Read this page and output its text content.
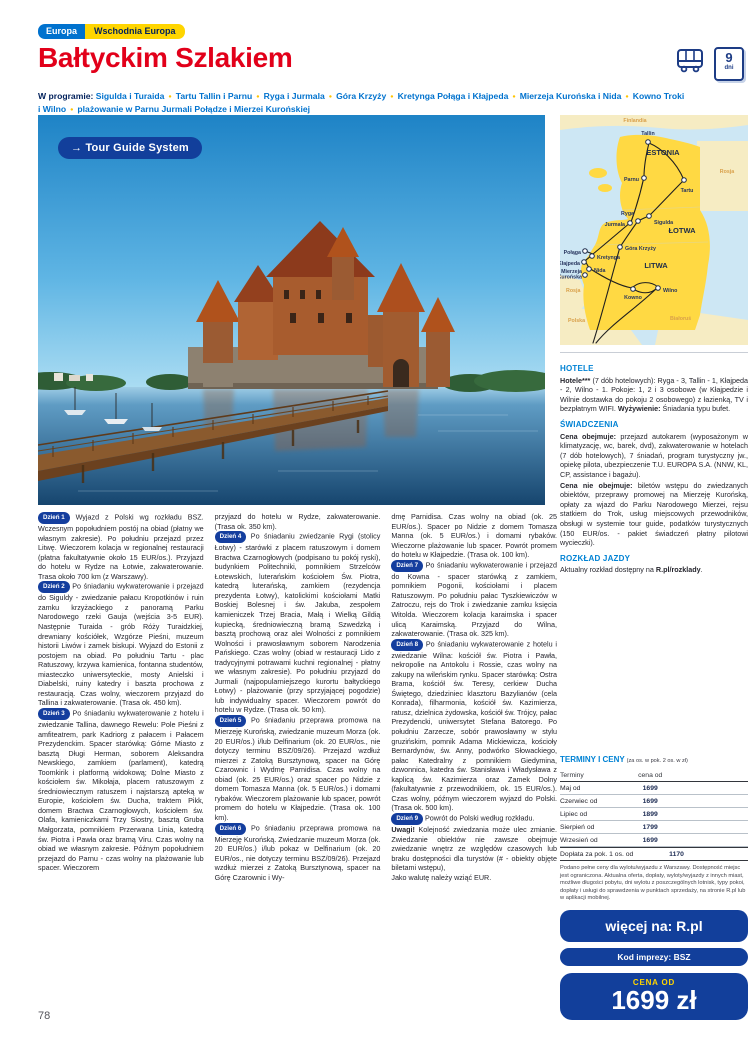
Europa	Wschodnia Europa
Bałtyckim Szlakiem	9
dni
W programie: Sigulda i Turaida ● Tartu Tallin i Parnu ● Ryga i Jurmala ● Góra Krzyży ● Kretynga Połąga i Kłajpeda ● Mierzeja Kurońska i Nida ● Kowno Troki i Wilno ● plażowanie w Parnu Jurmali Połądze i Mierzei Kurońskiej
→ Tour Guide System	ESTONIA
ŁOTWA
LITWA
Finlandia
Rosja
Rosja
Polska	Białoruś
Tallin
Parnu
Tartu
Ryga
Jurmala	Sigulda
Góra Krzyży
Połąga
Kretynga
Kłajpeda
Nida
Mierzeja Kurońska
Kowno
Wilno
HOTELE

Hotele*** (7 dób hotelowych): Ryga - 3, Tallin - 1, Kłajpeda - 2, Wilno - 1. Pokoje: 1, 2 i 3 osobowe (w Kłajpedzie i Wilnie dostawka do pokoju 2 osobowego) z łazienką, TV i bezpłatnym WIFI. Wyżywienie: Śniadania typu bufet.

ŚWIADCZENIA

Cena obejmuje: przejazd autokarem (wyposażonym w klimatyzację, wc, barek, dvd), zakwaterowanie w hotelach (7 dób hotelowych), 7 śniadań, program turystyczny jw., opiekę pilota, ubezpieczenie T.U. EUROPA S.A. (NNW, KL, CP, assistance i bagażu).

Cena nie obejmuje: biletów wstępu do zwiedzanych obiektów, przeprawy promowej na Mierzeję Kurońską, opłaty za wjazd do Parku Narodowego Mierzei, rejsu statkiem do Trok, usług miejscowych przewodników, obsługi w systemie tour guide, podatków turystycznych (150 EUR/os. - pakiet świadczeń płatny pilotowi wycieczki).

ROZKŁAD JAZDY

Aktualny rozkład dostępny na R.pl/rozklady.

TERMINY I CENY (za os. w pok. 2 os. w zł)
Terminy	cena od
Maj od	1699
Czerwiec od	1699
Lipiec od	1899
Sierpień od	1799
Wrzesień od	1699
Dopłata za pok. 1 os. od	1170
Podano pełne ceny dla wylotu/wyjazdu z Warszawy. Dostępność miejsc jest ograniczona. Aktualna oferta, dopłaty, wyloty/wyjazdy z innych miast, możliwe długości pobytu, dni wylotu z poszczególnych lotnisk, typy pokoi, dopłaty i usługi do sprawdzenia w punktach sprzedaży, na stronie R.pl lub w aplikacji mobilnej.
więcej na: R.pl
Kod imprezy: BSZ
CENA OD
1699 zł

Dzień 1 Wyjazd z Polski wg rozkładu BSZ. Wczesnym popołudniem postój na obiad (płatny we własnym zakresie). Po południu przejazd przez Litwę. Wieczorem kolacja w regionalnej restauracji (płatna fakultatywnie około 15 EUR/os.). Przyjazd do hotelu w Rydze na Łotwie, zakwaterowanie. Trasa około 700 km (z Warszawy).

Dzień 2 Po śniadaniu wykwaterowanie i przejazd do Siguldy - zwiedzanie pałacu Kropotkinów i ruin zamku krzyżackiego z panoramą Parku Narodowego rzeki Gauja (wejścia 3-5 EUR). Następnie Turaida - grób Róży Turaidzkiej, drewniany kościółek, Wzgórze Pieśni, muzeum historii Liwów i zamek biskupi. Wyjazd do Estonii z postojem na obiad. Po południu Tartu - plac Ratuszowy, krzywa kamienica, fontanna studentów, miasteczko uniwersyteckie, mosty Anielski i Diabelski, ruiny katedry i baszta prochowa z restauracją. Czas wolny, wieczorem przyjazd do Tallina i zakwaterowanie. (Trasa ok. 450 km).

Dzień 3 Po śniadaniu wykwaterowanie z hotelu i zwiedzanie Tallina, dawnego Rewelu: Pole Pieśni z amfiteatrem, park Kadriorg z pałacem i Pałacem Prezydenckim. Spacer starówką: Górne Miasto z basztą Długi Herman, soborem Aleksandra Newskiego, zamkiem (parlament), katedrą Toomkirik i platformą widokową; Dolne Miasto z kościołem św. Mikołaja, placem ratuszowym z średniowiecznym ratuszem i najstarszą apteką w Europie, kościołem św. Ducha, traktem Pikk, domem Bractwa Czarnogłowych, kościołem św. Olafa, kamieniczkami Trzy Siostry, basztą Gruba Małgorzata, pomnikiem Przerwana Linia, katedrą św. Piotra i Pawła oraz bramą Viru. Czas wolny na obiad we własnym zakresie. Późnym popołudniem przejazd do Parnu - czas wolny na plażowanie lub spacer. Wieczorem

przyjazd do hotelu w Rydze, zakwaterowanie. (Trasa ok. 350 km).

Dzień 4 Po śniadaniu zwiedzanie Rygi (stolicy Łotwy) - starówki z placem ratuszowym i domem Bractwa Czarnogłowych (podpisano tu pokój ryski), budynkiem Politechniki, pomnikiem Strzelców Łotewskich, luterańskim kościołem Św. Piotra, katedrą luterańską, zamkiem (rezydencja prezydenta Łotwy), katolickimi kościołami Matki Boskiej Bolesnej i św. Jakuba, zespołem kamieniczek Trzej Bracia, Małą i Wielką Gildią kupiecką, średniowieczną bramą Szwedzką i basztą prochową oraz alei Wolności z pomnikiem Wolności i prawosławnym soborem Narodzenia Pańskiego. Czas wolny (obiad w restauracji Lido z tradycyjnymi potrawami kuchni regionalnej - płatny we własnym zakresie). Po południu przyjazd do Jurmali (najpopularniejszego kurortu bałtyckiego Łotwy) - plażowanie (przy sprzyjającej pogodzie) lub indywidualny spacer. Wieczorem powrót do hotelu w Rydze. (Trasa ok. 50 km).

Dzień 5 Po śniadaniu przeprawa promowa na Mierzeję Kurońską, zwiedzanie muzeum Morza (ok. 20 EUR/os.) i/lub Delfinarium (ok. 20 EUR/os., nie dotyczy terminu BSZ/09/26). Przejazd wzdłuż mierzei z Zatoką Bursztynową, spacer na Górę Czarownic i Wydmę Parnidisa. Czas wolny na obiad (ok. 25 EUR/os.) oraz spacer po Nidzie z domem Tomasza Manna (ok. 5 EUR/os.) i domami rybaków. Wieczorem plażowanie lub spacer, powrót promem do hotelu w Kłajpedzie. (Trasa ok. 100 km).

Dzień 6 Po śniadaniu przeprawa promowa na Mierzeję Kurońską. Zwiedzanie muzeum Morza (ok. 20 EUR/os.) i/lub pokaz w Delfinarium (ok. 20 EUR/os., nie dotyczy terminu BSZ/09/26). Przejazd wzdłuż mierzei z Zatoką Bursztynową, spacer na Górę Czarownic i Wy-

dmę Parnidisa. Czas wolny na obiad (ok. 25 EUR/os.). Spacer po Nidzie z domem Tomasza Manna (ok. 5 EUR/os.) i domami rybaków. Wieczorne plażowanie lub spacer. Powrót promem do hotelu w Kłajpedzie. (Trasa ok. 100 km).

Dzień 7 Po śniadaniu wykwaterowanie i przejazd do Kowna - spacer starówką z zamkiem, pomnikiem Pogonii, kościołami i placem Ratuszowym. Po południu pałac Tyszkiewiczów w Zatroczu, rejs do Trok i zwiedzanie zamku księcia Witolda. Wieczorem kolacja karaimska i spacer ulicą Karaimską. Przyjazd do Wilna, zakwaterowanie. (Trasa ok. 325 km).

Dzień 8 Po śniadaniu wykwaterowanie z hotelu i zwiedzanie Wilna: kościół św. Piotra i Pawła, nekropolie na Antokolu i Rossie, czas wolny na zakupy na wileńskim rynku. Spacer starówką: Ostra Brama, kościół św. Teresy, cerkiew Ducha Świętego, dziedziniec klasztoru Bazylianów (cela Konrada), filharmonia, kościół św. Kazimierza, ratusz, dzielnica żydowska, kościół św. Trójcy, pałac Prezydencki, uniwersytet Stefana Batorego. Po południu Zarzecze, sobór prawosławny w stylu gruzińskim, pomnik Adama Mickiewicza, kościoły Bernardynów, św. Anny, podwórko Słowackiego, pałac Katedralny z pomnikiem Giedymina, dzwonnica, katedra św. Stanisława i Władysława z kaplicą św. Kazimierza oraz Zamek Dolny (fakultatywnie z przewodnikiem, ok. 15 EUR/os.). Czas wolny, późnym wieczorem wyjazd do Polski. (Trasa ok. 500 km).

Dzień 9 Powrót do Polski według rozkładu.

Uwagi! Kolejność zwiedzania może ulec zmianie. Zwiedzanie obiektów nie zawsze obejmuje zwiedzanie wnętrz ze względów czasowych lub braku dostępności dla turystów (# - obiekty objęte biletami wstępu),

Jako walutę należy wziąć EUR.

78
